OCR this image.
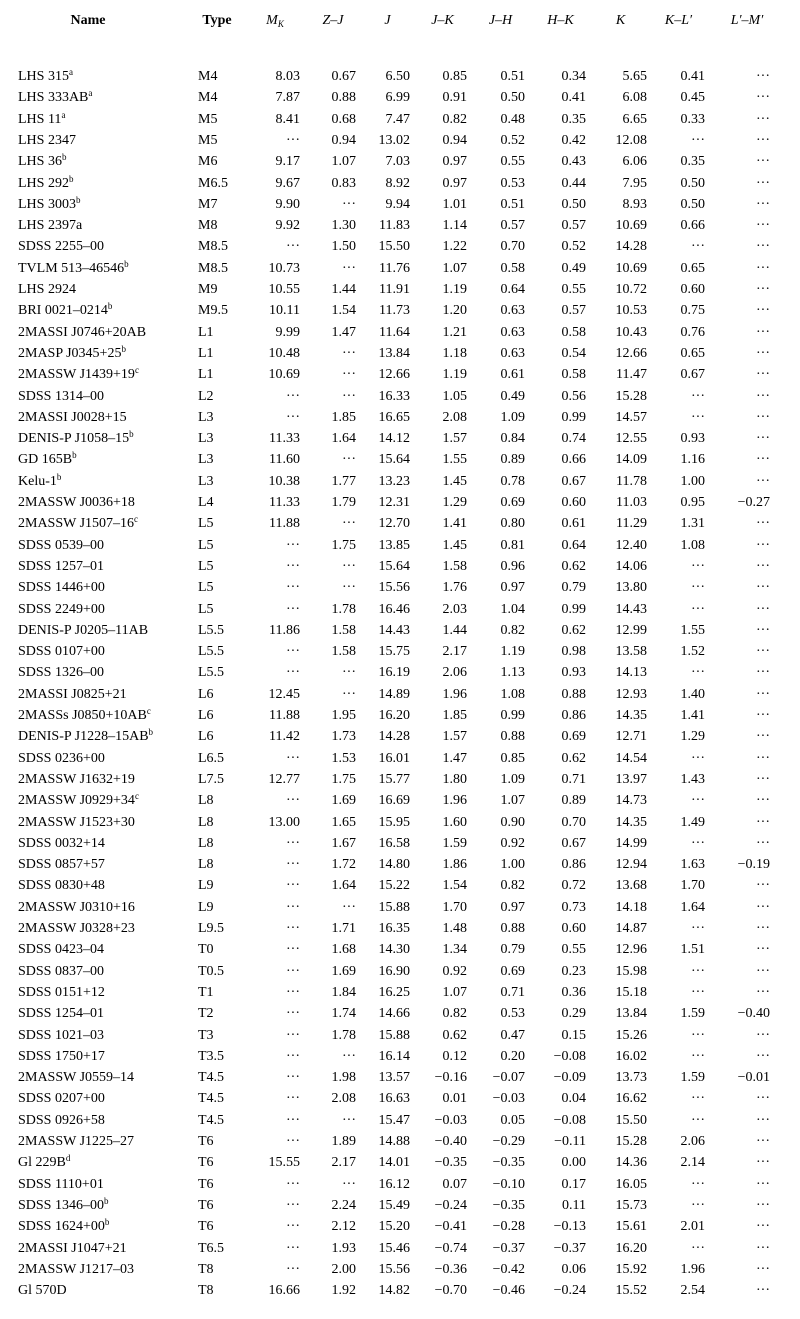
Name	Type	$M_K$	Z–J	J	J–K	J–H	H–K	K	K–L′	L′–M′
LHS 315$^a$	M4	8.03	0.67	6.50	0.85	0.51	0.34	5.65	0.41	···
LHS $333AB^a$	M4	7.87	0.88	6.99	0.91	0.50	0.41	6.08	0.45	···
LHS 11$^a$	M5	8.41	0.68	7.47	0.82	0.48	0.35	6.65	0.33	···
LHS 2347	M5	···	0.94	13.02	0.94	0.52	0.42	12.08	···	···
LHS 36$^b$	M6	9.17	1.07	7.03	0.97	0.55	0.43	6.06	0.35	···
LHS 292$^b$	M6.5	9.67	0.83	8.92	0.97	0.53	0.44	7.95	0.50	···
LHS 3003$^b$	M7	9.90	···	9.94	1.01	0.51	0.50	8.93	0.50	···
LHS 2397a	M8	9.92	1.30	11.83	1.14	0.57	0.57	10.69	0.66	···
SDSS 2255–00	M8.5	···	1.50	15.50	1.22	0.70	0.52	14.28	···	···
TVLM 513–46546$^b$	M8.5	10.73	···	11.76	1.07	0.58	0.49	10.69	0.65	···
LHS 2924	M9	10.55	1.44	11.91	1.19	0.64	0.55	10.72	0.60	···
BRI 0021–0214$^b$	M9.5	10.11	1.54	11.73	1.20	0.63	0.57	10.53	0.75	···
2MASSI J0746+20AB	L1	9.99	1.47	11.64	1.21	0.63	0.58	10.43	0.76	···
2MASP $J0345+25^b$	L1	10.48	···	13.84	1.18	0.63	0.54	12.66	0.65	···
2MASSW $J1439+19^c$	L1	10.69	···	12.66	1.19	0.61	0.58	11.47	0.67	···
SDSS 1314–00	L2	···	···	16.33	1.05	0.49	0.56	15.28	···	···
2MASSI J0028+15	L3	···	1.85	16.65	2.08	1.09	0.99	14.57	···	···
DENIS-P J1058–15$^b$	L3	11.33	1.64	14.12	1.57	0.84	0.74	12.55	0.93	···
GD $165B^b$	L3	11.60	···	15.64	1.55	0.89	0.66	14.09	1.16	···
Kelu-$1^b$	L3	10.38	1.77	13.23	1.45	0.78	0.67	11.78	1.00	···
2MASSW J0036+18	L4	11.33	1.79	12.31	1.29	0.69	0.60	11.03	0.95	−0.27
2MASSW J1507–16$^c$	L5	11.88	···	12.70	1.41	0.80	0.61	11.29	1.31	···
SDSS 0539–00	L5	···	1.75	13.85	1.45	0.81	0.64	12.40	1.08	···
SDSS 1257–01	L5	···	···	15.64	1.58	0.96	0.62	14.06	···	···
SDSS 1446+00	L5	···	···	15.56	1.76	0.97	0.79	13.80	···	···
SDSS 2249+00	L5	···	1.78	16.46	2.03	1.04	0.99	14.43	···	···
DENIS-P J0205–11AB	L5.5	11.86	1.58	14.43	1.44	0.82	0.62	12.99	1.55	···
SDSS 0107+00	L5.5	···	1.58	15.75	2.17	1.19	0.98	13.58	1.52	···
SDSS 1326–00	L5.5	···	···	16.19	2.06	1.13	0.93	14.13	···	···
2MASSI J0825+21	L6	12.45	···	14.89	1.96	1.08	0.88	12.93	1.40	···
2MASSs $J0850+10AB^c$	L6	11.88	1.95	16.20	1.85	0.99	0.86	14.35	1.41	···
DENIS-P $J1228-15AB^b$	L6	11.42	1.73	14.28	1.57	0.88	0.69	12.71	1.29	···
SDSS 0236+00	L6.5	···	1.53	16.01	1.47	0.85	0.62	14.54	···	···
2MASSW J1632+19	L7.5	12.77	1.75	15.77	1.80	1.09	0.71	13.97	1.43	···
2MASSW $J0929+34^c$	L8	···	1.69	16.69	1.96	1.07	0.89	14.73	···	···
2MASSW J1523+30	L8	13.00	1.65	15.95	1.60	0.90	0.70	14.35	1.49	···
SDSS 0032+14	L8	···	1.67	16.58	1.59	0.92	0.67	14.99	···	···
SDSS 0857+57	L8	···	1.72	14.80	1.86	1.00	0.86	12.94	1.63	−0.19
SDSS 0830+48	L9	···	1.64	15.22	1.54	0.82	0.72	13.68	1.70	···
2MASSW J0310+16	L9	···	···	15.88	1.70	0.97	0.73	14.18	1.64	···
2MASSW J0328+23	L9.5	···	1.71	16.35	1.48	0.88	0.60	14.87	···	···
SDSS 0423–04	T0	···	1.68	14.30	1.34	0.79	0.55	12.96	1.51	···
SDSS 0837–00	T0.5	···	1.69	16.90	0.92	0.69	0.23	15.98	···	···
SDSS 0151+12	T1	···	1.84	16.25	1.07	0.71	0.36	15.18	···	···
SDSS 1254–01	T2	···	1.74	14.66	0.82	0.53	0.29	13.84	1.59	−0.40
SDSS 1021–03	T3	···	1.78	15.88	0.62	0.47	0.15	15.26	···	···
SDSS 1750+17	T3.5	···	···	16.14	0.12	0.20	−0.08	16.02	···	···
2MASSW J0559–14	T4.5	···	1.98	13.57	−0.16	−0.07	−0.09	13.73	1.59	−0.01
SDSS 0207+00	T4.5	···	2.08	16.63	0.01	−0.03	0.04	16.62	···	···
SDSS 0926+58	T4.5	···	···	15.47	−0.03	0.05	−0.08	15.50	···	···
2MASSW J1225–27	T6	···	1.89	14.88	−0.40	−0.29	−0.11	15.28	2.06	···
Gl $229B^d$	T6	15.55	2.17	14.01	−0.35	−0.35	0.00	14.36	2.14	···
SDSS 1110+01	T6	···	···	16.12	0.07	−0.10	0.17	16.05	···	···
SDSS 1346–00$^b$	T6	···	2.24	15.49	−0.24	−0.35	0.11	15.73	···	···
SDSS $1624+00^b$	T6	···	2.12	15.20	−0.41	−0.28	−0.13	15.61	2.01	···
2MASSI J1047+21	T6.5	···	1.93	15.46	−0.74	−0.37	−0.37	16.20	···	···
2MASSW J1217–03	T8	···	2.00	15.56	−0.36	−0.42	0.06	15.92	1.96	···
Gl 570D	T8	16.66	1.92	14.82	−0.70	−0.46	−0.24	15.52	2.54	···
